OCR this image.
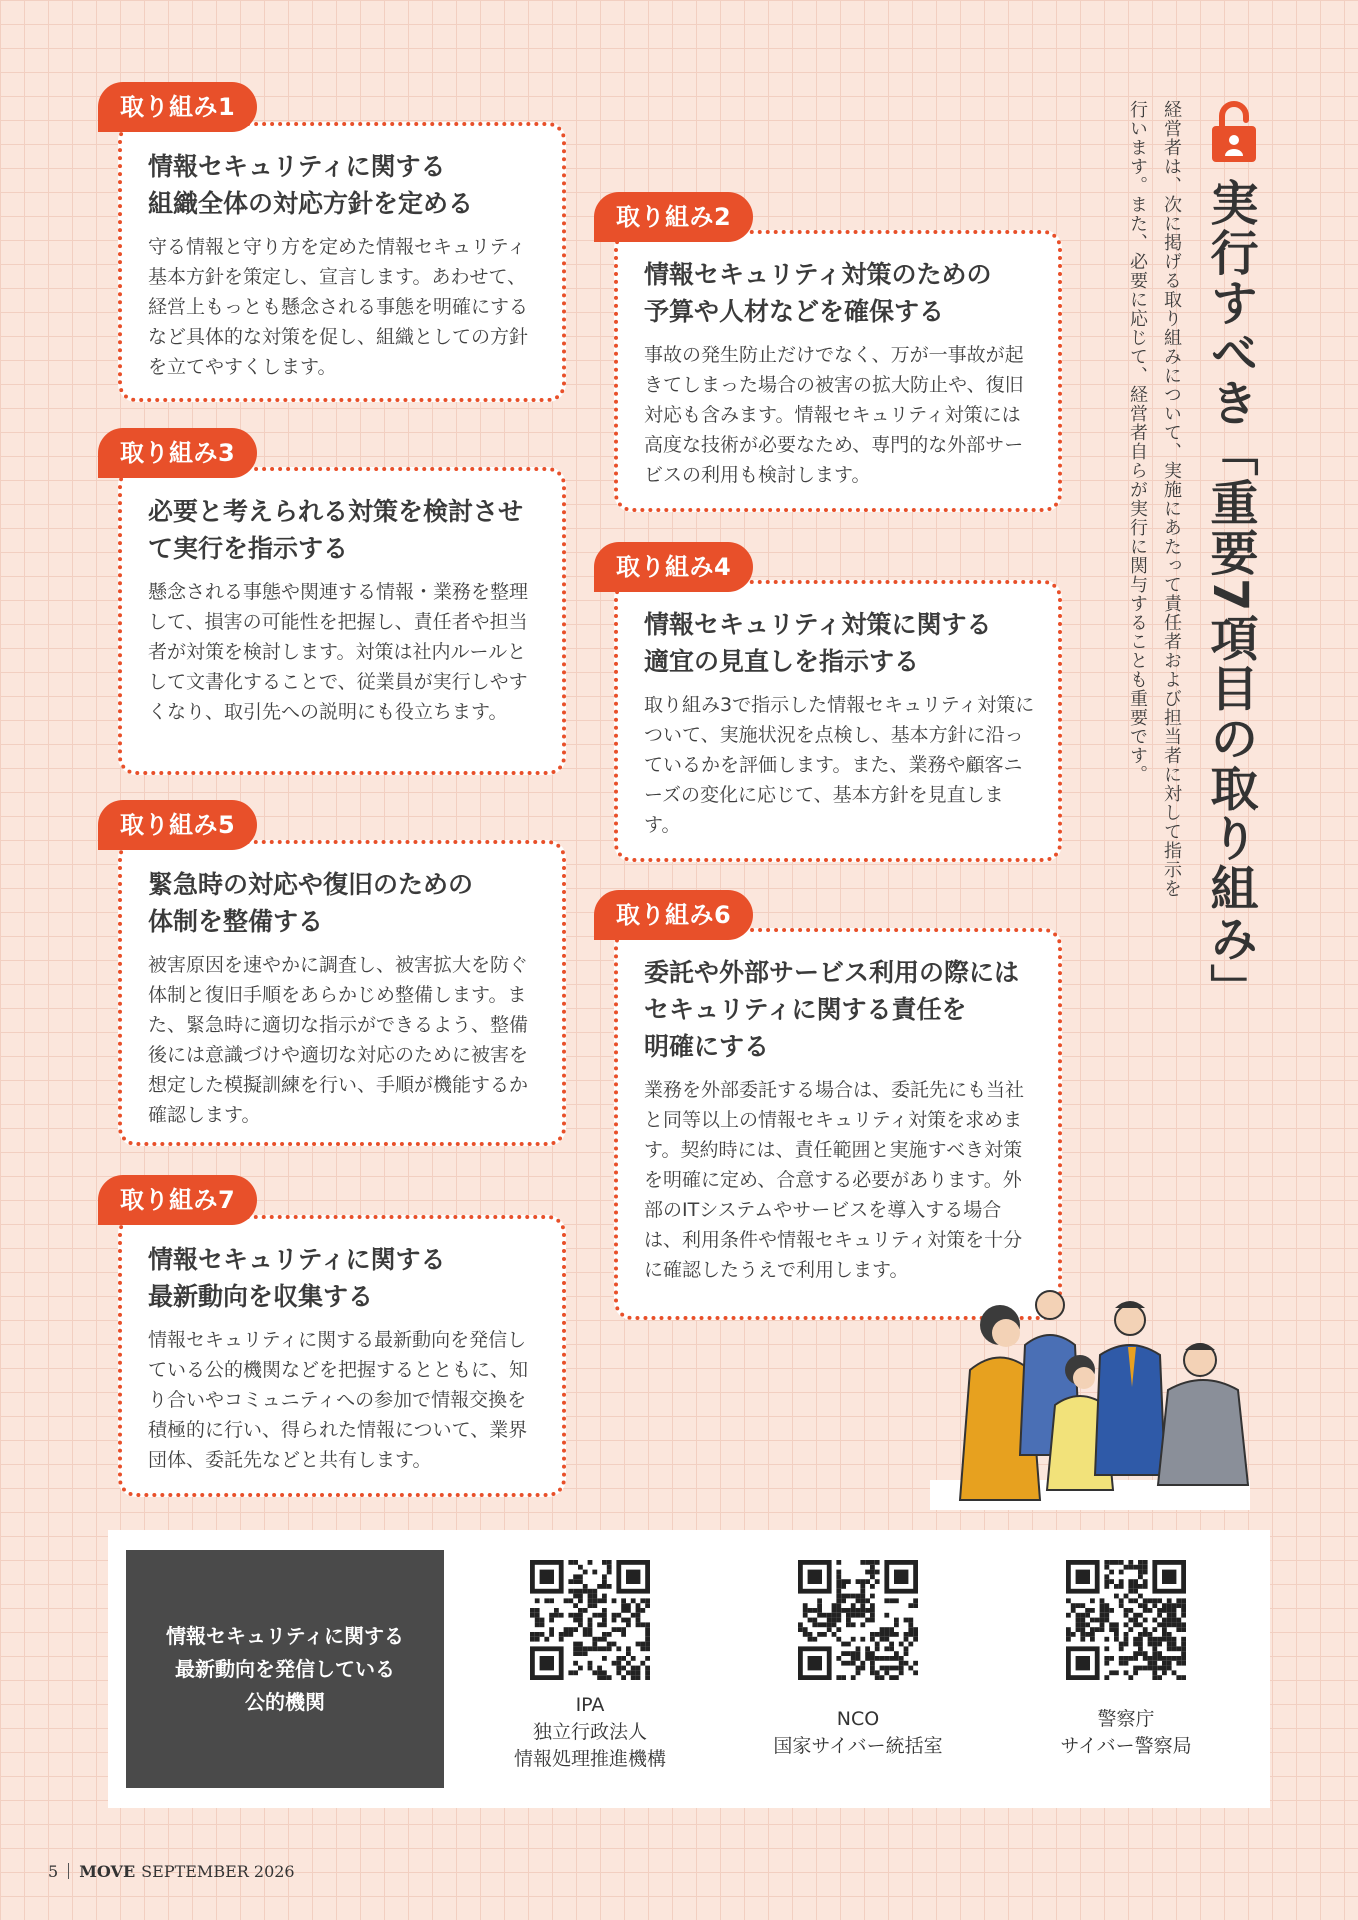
実行すべき「重要7項目の取り組み」
経営者は、次に掲げる取り組みについて、実施にあたって責任者および担当者に対して指示を行います。また、必要に応じて、経営者自らが実行に関与することも重要です。
情報セキュリティに関する
組織全体の対応方針を定める
守る情報と守り方を定めた情報セキュリティ基本方針を策定し、宣言します。あわせて、経営上もっとも懸念される事態を明確にするなど具体的な対策を促し、組織としての方針を立てやすくします。
取り組み1
情報セキュリティ対策のための
予算や人材などを確保する
事故の発生防止だけでなく、万が一事故が起きてしまった場合の被害の拡大防止や、復旧対応も含みます。情報セキュリティ対策には高度な技術が必要なため、専門的な外部サービスの利用も検討します。
取り組み2
必要と考えられる対策を検討させて実行を指示する
懸念される事態や関連する情報・業務を整理して、損害の可能性を把握し、責任者や担当者が対策を検討します。対策は社内ルールとして文書化することで、従業員が実行しやすくなり、取引先への説明にも役立ちます。
取り組み3
情報セキュリティ対策に関する
適宜の見直しを指示する
取り組み3で指示した情報セキュリティ対策について、実施状況を点検し、基本方針に沿っているかを評価します。また、業務や顧客ニーズの変化に応じて、基本方針を見直します。
取り組み4
緊急時の対応や復旧のための
体制を整備する
被害原因を速やかに調査し、被害拡大を防ぐ体制と復旧手順をあらかじめ整備します。また、緊急時に適切な指示ができるよう、整備後には意識づけや適切な対応のために被害を想定した模擬訓練を行い、手順が機能するか確認します。
取り組み5
委託や外部サービス利用の際には
セキュリティに関する責任を
明確にする
業務を外部委託する場合は、委託先にも当社と同等以上の情報セキュリティ対策を求めます。契約時には、責任範囲と実施すべき対策を明確に定め、合意する必要があります。外部のITシステムやサービスを導入する場合は、利用条件や情報セキュリティ対策を十分に確認したうえで利用します。
取り組み6
情報セキュリティに関する
最新動向を収集する
情報セキュリティに関する最新動向を発信している公的機関などを把握するとともに、知り合いやコミュニティへの参加で情報交換を積極的に行い、得られた情報について、業界団体、委託先などと共有します。
取り組み7
情報セキュリティに関する
最新動向を発信している
公的機関	IPA
独立行政法人
情報処理推進機構
NCO
国家サイバー統括室
警察庁
サイバー警察局
5 MOVE SEPTEMBER 2026
